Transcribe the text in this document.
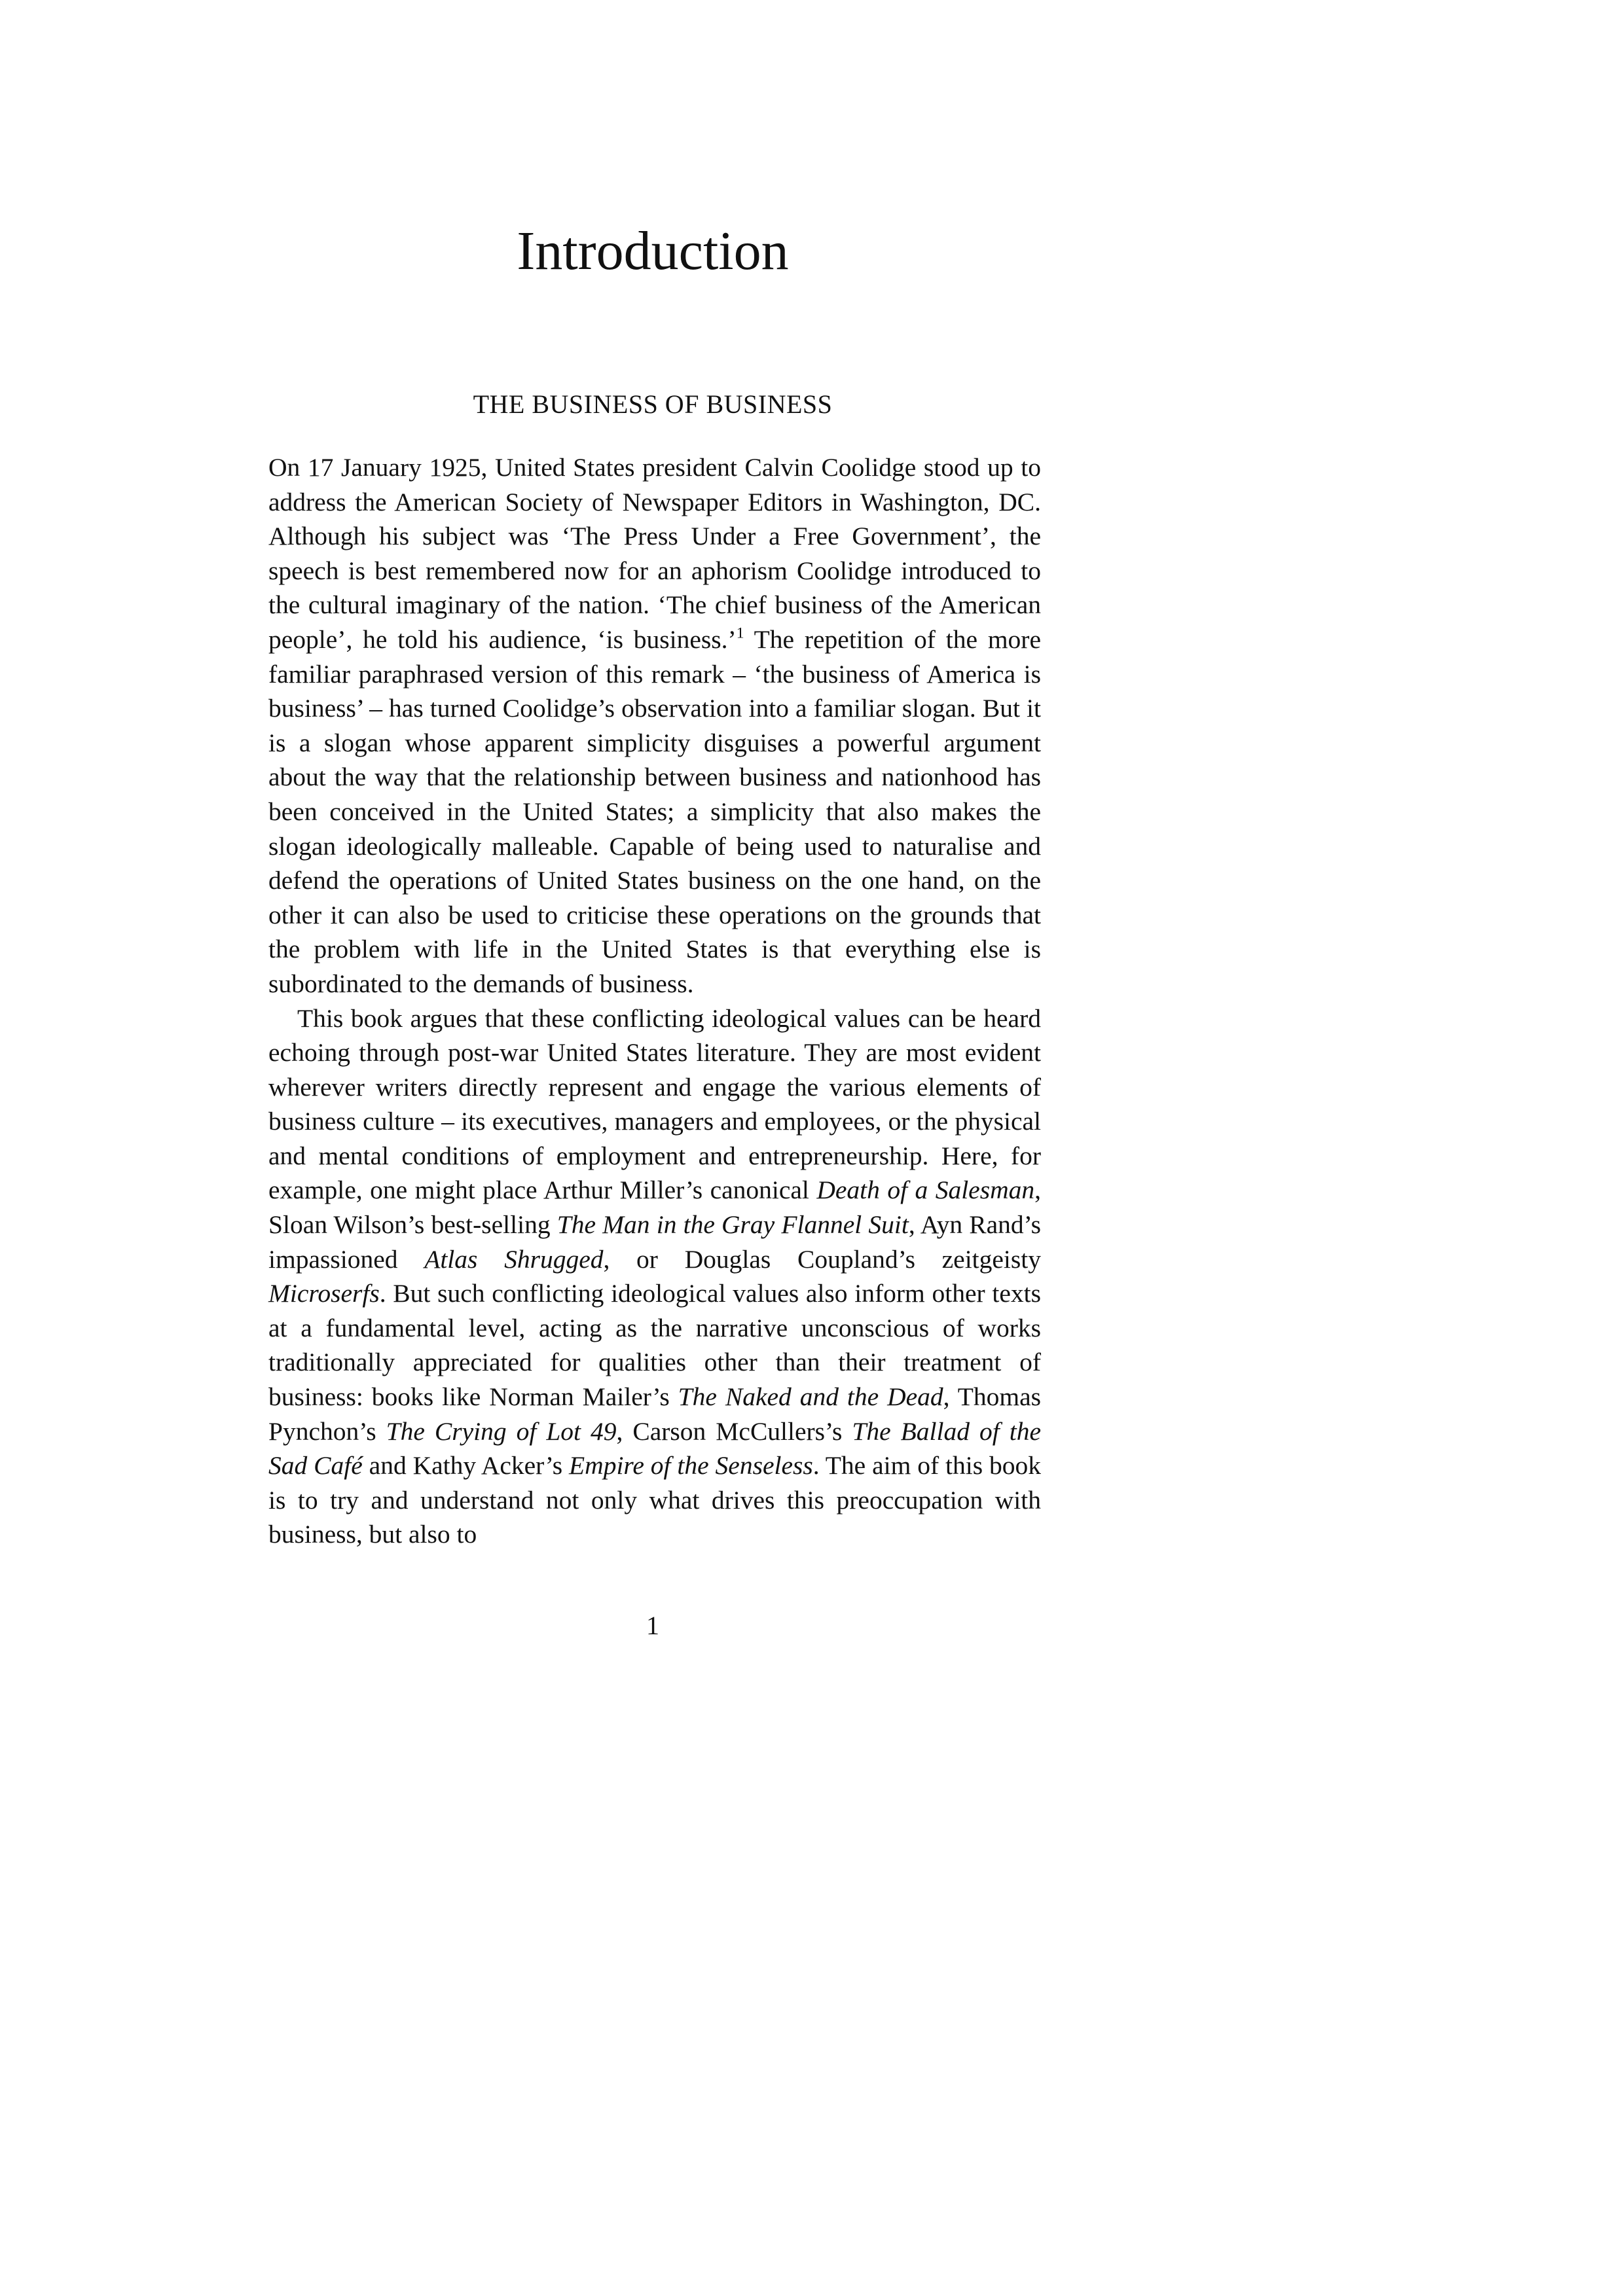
Introduction
THE BUSINESS OF BUSINESS

On 17 January 1925, United States president Calvin Coolidge stood up to address the American Society of Newspaper Editors in Washington, DC. Although his subject was ‘The Press Under a Free Government’, the speech is best remembered now for an aphorism Coolidge introduced to the cultural imaginary of the nation. ‘The chief business of the American people’, he told his audience, ‘is business.’$^1$ The repetition of the more familiar paraphrased version of this remark – ‘the business of America is business’ – has turned Coolidge’s observation into a familiar slogan. But it is a slogan whose apparent simplicity disguises a powerful argument about the way that the relationship between business and nationhood has been conceived in the United States; a simplicity that also makes the slogan ideologically malleable. Capable of being used to naturalise and defend the operations of United States business on the one hand, on the other it can also be used to criticise these operations on the grounds that the problem with life in the United States is that everything else is subordinated to the demands of business.

This book argues that these conflicting ideological values can be heard echoing through post-war United States literature. They are most evident wherever writers directly represent and engage the various elements of business culture – its executives, managers and employees, or the physical and mental conditions of employment and entrepreneurship. Here, for example, one might place Arthur Miller’s canonical Death of a Salesman, Sloan Wilson’s best-selling The Man in the Gray Flannel Suit, Ayn Rand’s impassioned Atlas Shrugged, or Douglas Coupland’s zeitgeisty Microserfs. But such conflicting ideological values also inform other texts at a fundamental level, acting as the narrative unconscious of works traditionally appreciated for qualities other than their treatment of business: books like Norman Mailer’s The Naked and the Dead, Thomas Pynchon’s The Crying of Lot 49, Carson McCullers’s The Ballad of the Sad Café and Kathy Acker’s Empire of the Senseless. The aim of this book is to try and understand not only what drives this preoccupation with business, but also to

1
